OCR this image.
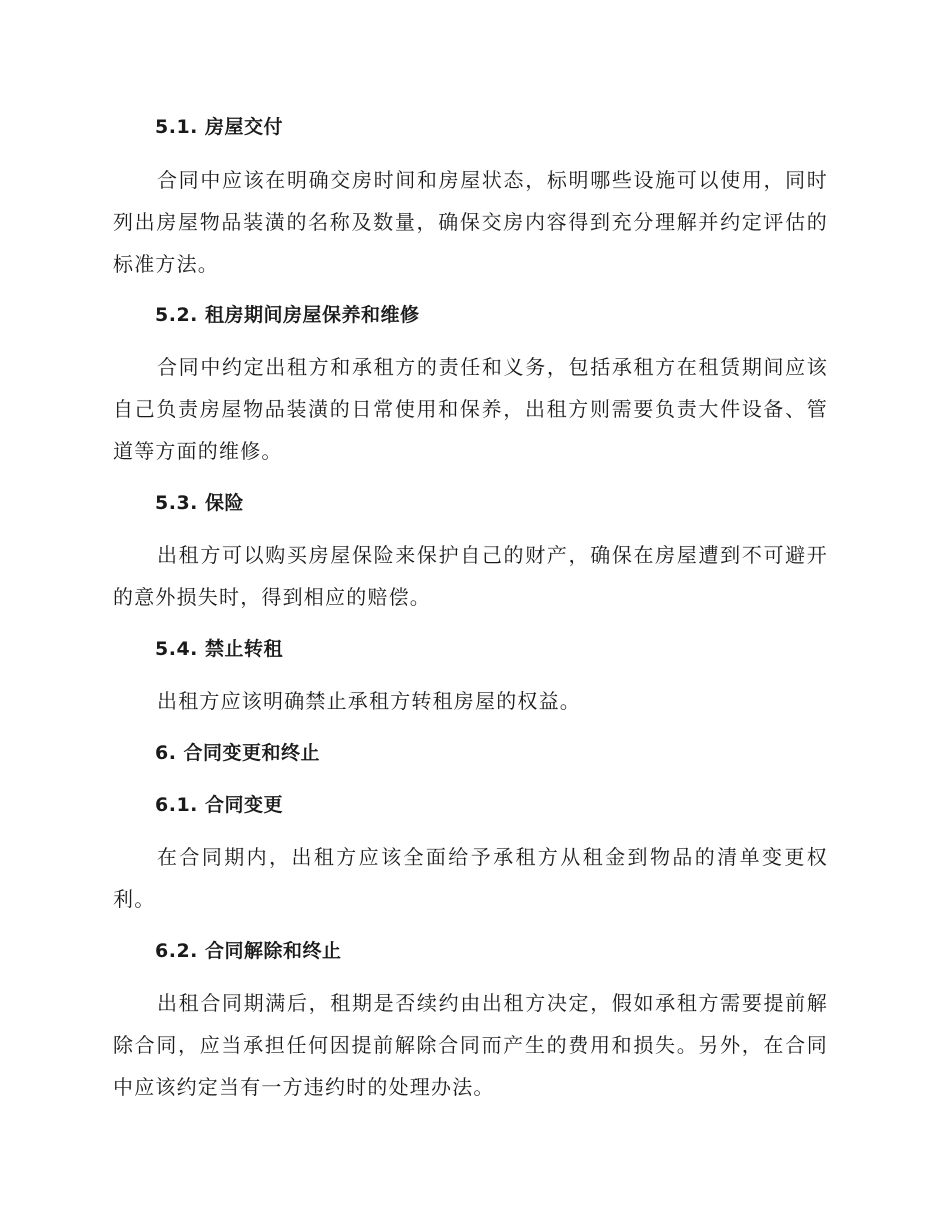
5.1. 房屋交付

合同中应该在明确交房时间和房屋状态，标明哪些设施可以使用，同时列出房屋物品装潢的名称及数量，确保交房内容得到充分理解并约定评估的标准方法。

5.2. 租房期间房屋保养和维修

合同中约定出租方和承租方的责任和义务，包括承租方在租赁期间应该自己负责房屋物品装潢的日常使用和保养，出租方则需要负责大件设备、管道等方面的维修。

5.3. 保险

出租方可以购买房屋保险来保护自己的财产，确保在房屋遭到不可避开的意外损失时，得到相应的赔偿。

5.4. 禁止转租

出租方应该明确禁止承租方转租房屋的权益。

6. 合同变更和终止
6.1. 合同变更

在合同期内，出租方应该全面给予承租方从租金到物品的清单变更权利。

6.2. 合同解除和终止

出租合同期满后，租期是否续约由出租方决定，假如承租方需要提前解除合同，应当承担任何因提前解除合同而产生的费用和损失。另外，在合同中应该约定当有一方违约时的处理办法。
